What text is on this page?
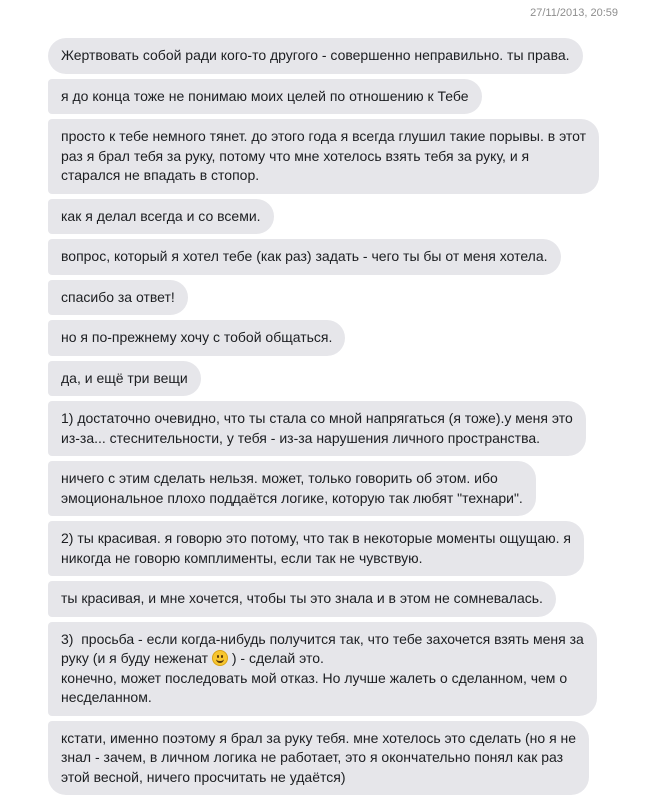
27/11/2013, 20:59
Жертвовать собой ради кого-то другого - совершенно неправильно. ты права.
я до конца тоже не понимаю моих целей по отношению к Тебе
просто к тебе немного тянет. до этого года я всегда глушил такие порывы. в этот
раз я брал тебя за руку, потому что мне хотелось взять тебя за руку, и я
старался не впадать в стопор.
как я делал всегда и со всеми.
вопрос, который я хотел тебе (как раз) задать - чего ты бы от меня хотела.
спасибо за ответ!
но я по-прежнему хочу с тобой общаться.
да, и ещё три вещи
1) достаточно очевидно, что ты стала со мной напрягаться (я тоже).у меня это
из-за... стеснительности, у тебя - из-за нарушения личного пространства.
ничего с этим сделать нельзя. может, только говорить об этом. ибо
эмоциональное плохо поддаётся логике, которую так любят "технари".
2) ты красивая. я говорю это потому, что так в некоторые моменты ощущаю. я
никогда не говорю комплименты, если так не чувствую.
ты красивая, и мне хочется, чтобы ты это знала и в этом не сомневалась.
3)  просьба - если когда-нибудь получится так, что тебе захочется взять меня за
руку (и я буду неженат
) - сделай это.
конечно, может последовать мой отказ. Но лучше жалеть о сделанном, чем о
несделанном.
кстати, именно поэтому я брал за руку тебя. мне хотелось это сделать (но я не
знал - зачем, в личном логика не работает, это я окончательно понял как раз
этой весной, ничего просчитать не удаётся)
